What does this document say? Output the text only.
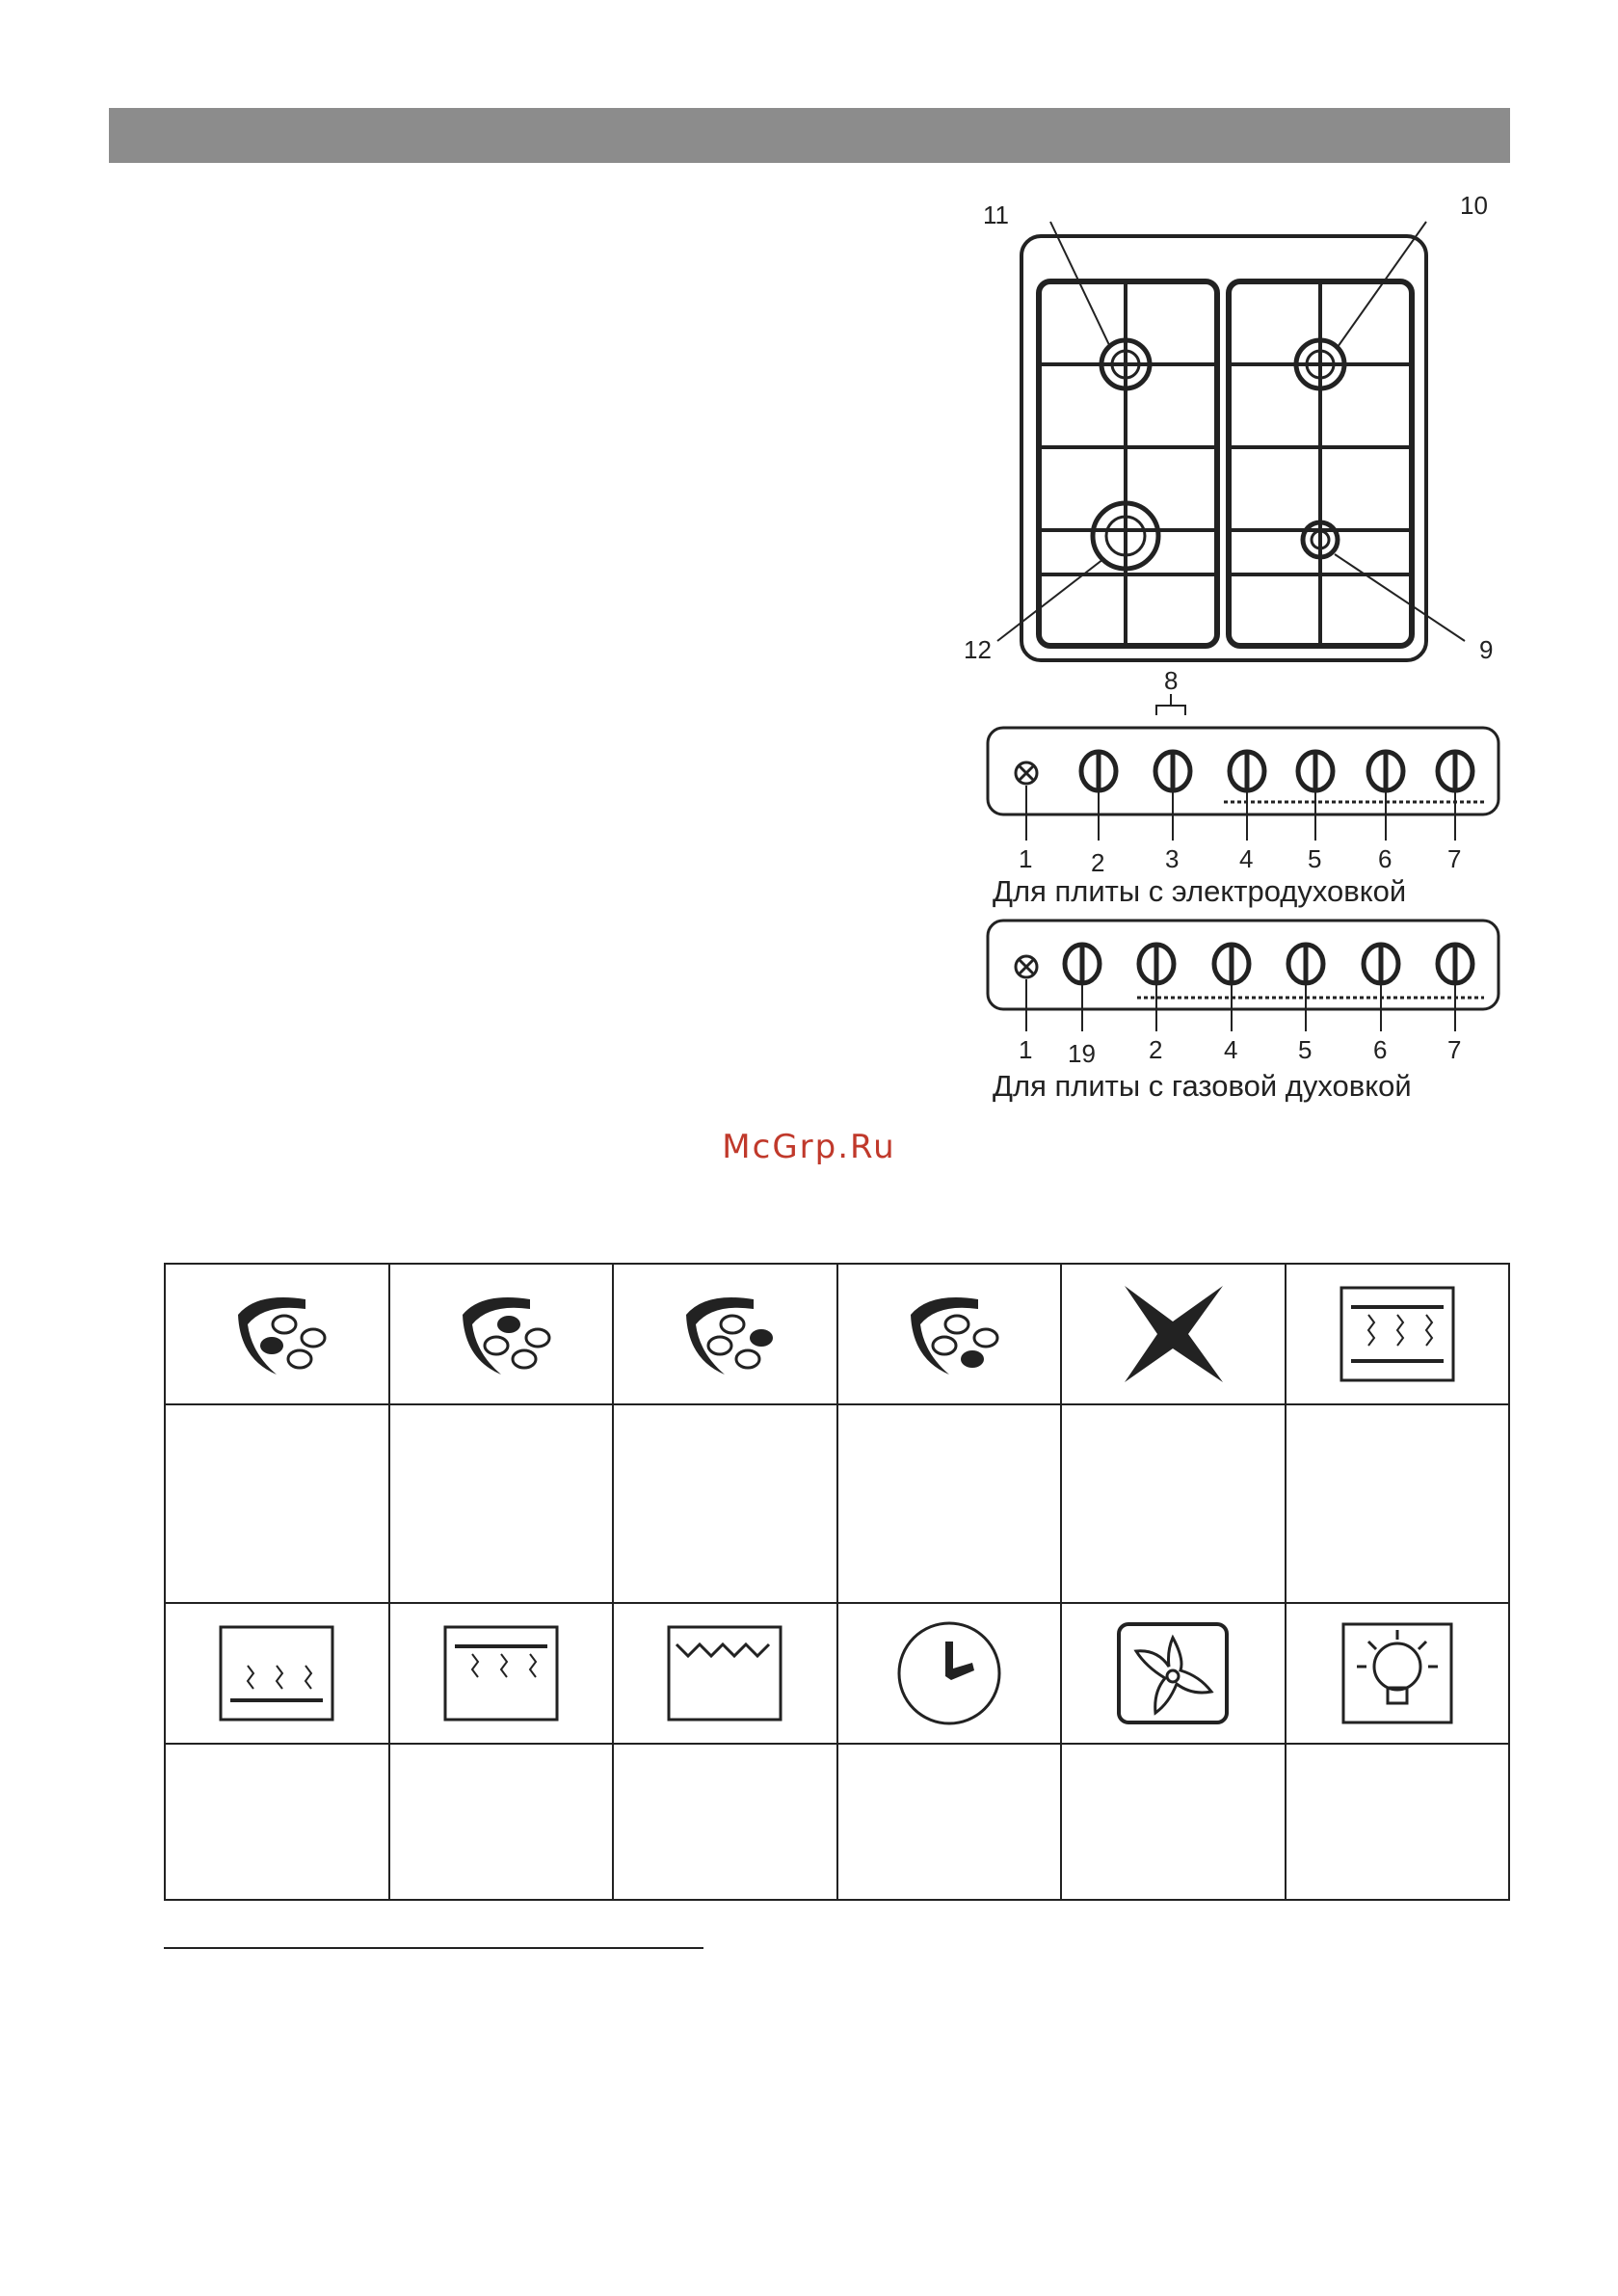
11	10
12	9
8
1 2 3 4 5 6 7
Для плиты с электродуховкой
1 19 2 4 5 6 7
Для плиты с газовой духовкой
McGrp.Ru
